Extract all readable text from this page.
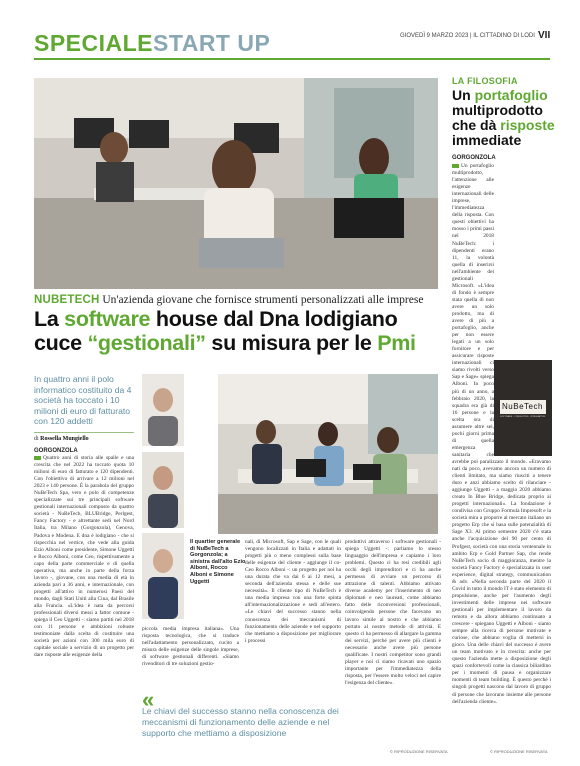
SPECIALESTART UP	GIOVEDÌ 9 MARZO 2023 | IL CITTADINO DI LODI VII
LA FILOSOFIA
Un portafoglio multiprodotto che dà risposte immediate
GORGONZOLA
Un portafoglio multiprodotto, l'attenzione alle esigenze internazionali delle imprese, l'immediatezza della risposta. Con questi obiettivi ha mosso i primi passi nel 2018 NuBeTech: i dipendenti erano 11, la volontà quella di inserirsi nell'ambiente dei gestionali Microsoft. «L'idea di fondo è sempre stata quella di non avere un solo prodotto, ma di avere di più a portafoglio, anche per non essere legati a un solo fornitore e per assicurare risposte internazionali ci siamo rivolti verso Sap e Sage» spiega Alboni. In poco più di un anno, a febbraio 2020, la squadra era già di 16 persone e la scelta ora di assumere altre sei, pochi giorni prima di quella emergenza sanitaria che avrebbe poi paralizzato il mondo. «Eravamo nati da poco, avevamo ancora un numero di clienti limitato, ma siamo riusciti a tenere duro e anzi abbiamo scelto di rilanciare - aggiunge Uggetti - a maggio 2020 abbiamo creato In Blue Bridge, dedicata proprio ai progetti internazionali». La fondazione è condivisa con Gruppo Formula Impresoft e la società mira a proporre al mercato italiano un progetto Erp che si basa sulle potenzialità di Sage X3. Al primo semestre 2020 c'è stata anche l'acquisizione del 90 per cento di Profgest, società con una storia ventennale in ambito Erp e Gold Partner Sap, che rende NuBeTech socio di maggioranza, mentre la società Fancy Factory è specializzata in user experience, digital strategy, communication & adv. «Nella seconda parte del 2020 il Covid in tutto il mondo IT è stato elemento di propulsione, anche per l'aumento degli investimenti delle imprese nei software gestionali per implementare il lavoro da remoto e da allora abbiamo continuato a crescere - spiegano Uggetti e Alboni - siamo sempre alla ricerca di persone motivate e curiose, che abbiano voglia di mettersi in gioco. Una delle chiavi del successo è avere un team motivato e in crescita: anche per questo l'azienda mette a disposizione degli spazi confortevoli come la classica biliardino per i momenti di pausa e organizzare momenti di team building. È questo perché i singoli progetti nascono dal lavoro di gruppo di persone che lavorano insieme alle persone dell'azienda cliente».
NuBeTech
SOFTWARE · CONSULTING · INTEGRATION
© RIPRODUZIONE RISERVATA
NUBETECH Un'azienda giovane che fornisce strumenti personalizzati alle imprese
La software house dal Dna lodigiano cuce “gestionali” su misura per le Pmi
In quattro anni il polo informatico costituito da 4 società ha toccato i 10 milioni di euro di fatturato con 120 addetti
di Rossella Mungiello
GORGONZOLA
Quattro anni di storia alle spalle e una crescita che nel 2022 ha toccato quota 10 milioni di euro di fatturato e 120 dipendenti. Con l'obiettivo di arrivare a 12 milioni nel 2023 e 140 persone. È la parabola del gruppo NuBeTech Spa, vero e polo di competenze specializzate sui tre principali software gestionali internazionali composto da quattro società - NuBeTech, BLUBridge, Perlgest, Fancy Factory - e altrettante sedi nel Nord Italia, tra Milano (Gorgonzola), Genova, Padova e Modena. E dna è lodigiano - che si rispecchia nel vertice, che vede alla guida Ezio Alboni come presidente, Simone Uggetti e Rocco Alboni, come Ceo, rispettivamente a capo della parte commerciale e di quella operativa, ma anche in parte della forza lavoro -, giovane, con una media di età in azienda pari a 36 anni, e internazionale, con progetti all'attivo in numerosi Paesi del mondo, dagli Stati Uniti alla Cina, dal Brasile alla Francia. «L'idea è nata da percorsi professionali diversi messi a fattor comune - spiega il Ceo Uggetti -: siamo partiti nel 2018 con 11 persone e ambizioni robuste testimoniate dalla scelta di costituire una società per azioni con 300 mila euro di capitale sociale a servizio di un progetto per dare risposte alle esigenze della
Il quartier generale di NuBeTech a Gorgonzola; a sinistra dall'alto Ezio Alboni, Rocco Alboni e Simone Uggetti
piccola media impresa italiana». Una risposta tecnologica, che si traduce nell'adattamento personalizzato, cucito a misura delle esigenze delle singole imprese, di software gestionali differenti. «Siamo rivenditori di tre soluzioni gestio-
nali, di Microsoft, Sap e Sage, con le quali vengono localizzati in Italia e adattati in progetti più o meno complessi sulla base delle esigenze del cliente - aggiunge il co-Ceo Rocco Alboni -: un progetto per noi ha una durata che va dai 6 ai 12 mesi, a seconda dell'azienda stessa e delle sue necessità». Il cliente tipo di NuBeTech è una media impresa con una forte spinta all'internazionalizzazione e sedi all'estero. «Le chiavi del successo stanno nella conoscenza dei meccanismi di funzionamento delle aziende e nel supporto che mettiamo a disposizione per migliorare i processi
produttivi attraverso i software gestionali - spiega Uggetti -: parliamo lo stesso linguaggio dell'impresa e capiamo i loro problemi. Questo ci ha resi credibili agli occhi degli imprenditori e ci ha anche permesso di avviare un percorso di attrazione di talenti. Abbiamo attivato diverse academy per l'inserimento di neo diplomati e neo laureati, come abbiamo fatto delle riconversioni professionali, coinvolgendo persone che facevano un lavoro simile al nostro e che abbiamo portato al nostro metodo di attività. E questo ci ha permesso di allargare la gamma dei servizi, perché per avere più clienti è necessario anche avere più persone qualificate. I nostri competitor sono grandi player e noi ci siamo ricavati uno spazio importante per l'immediatezza della risposta, per l'essere molto veloci nel capire l'esigenza del cliente».
«
Le chiavi del successo stanno nella conoscenza dei meccanismi di funzionamento delle aziende e nel supporto che mettiamo a disposizione
© RIPRODUZIONE RISERVATA
